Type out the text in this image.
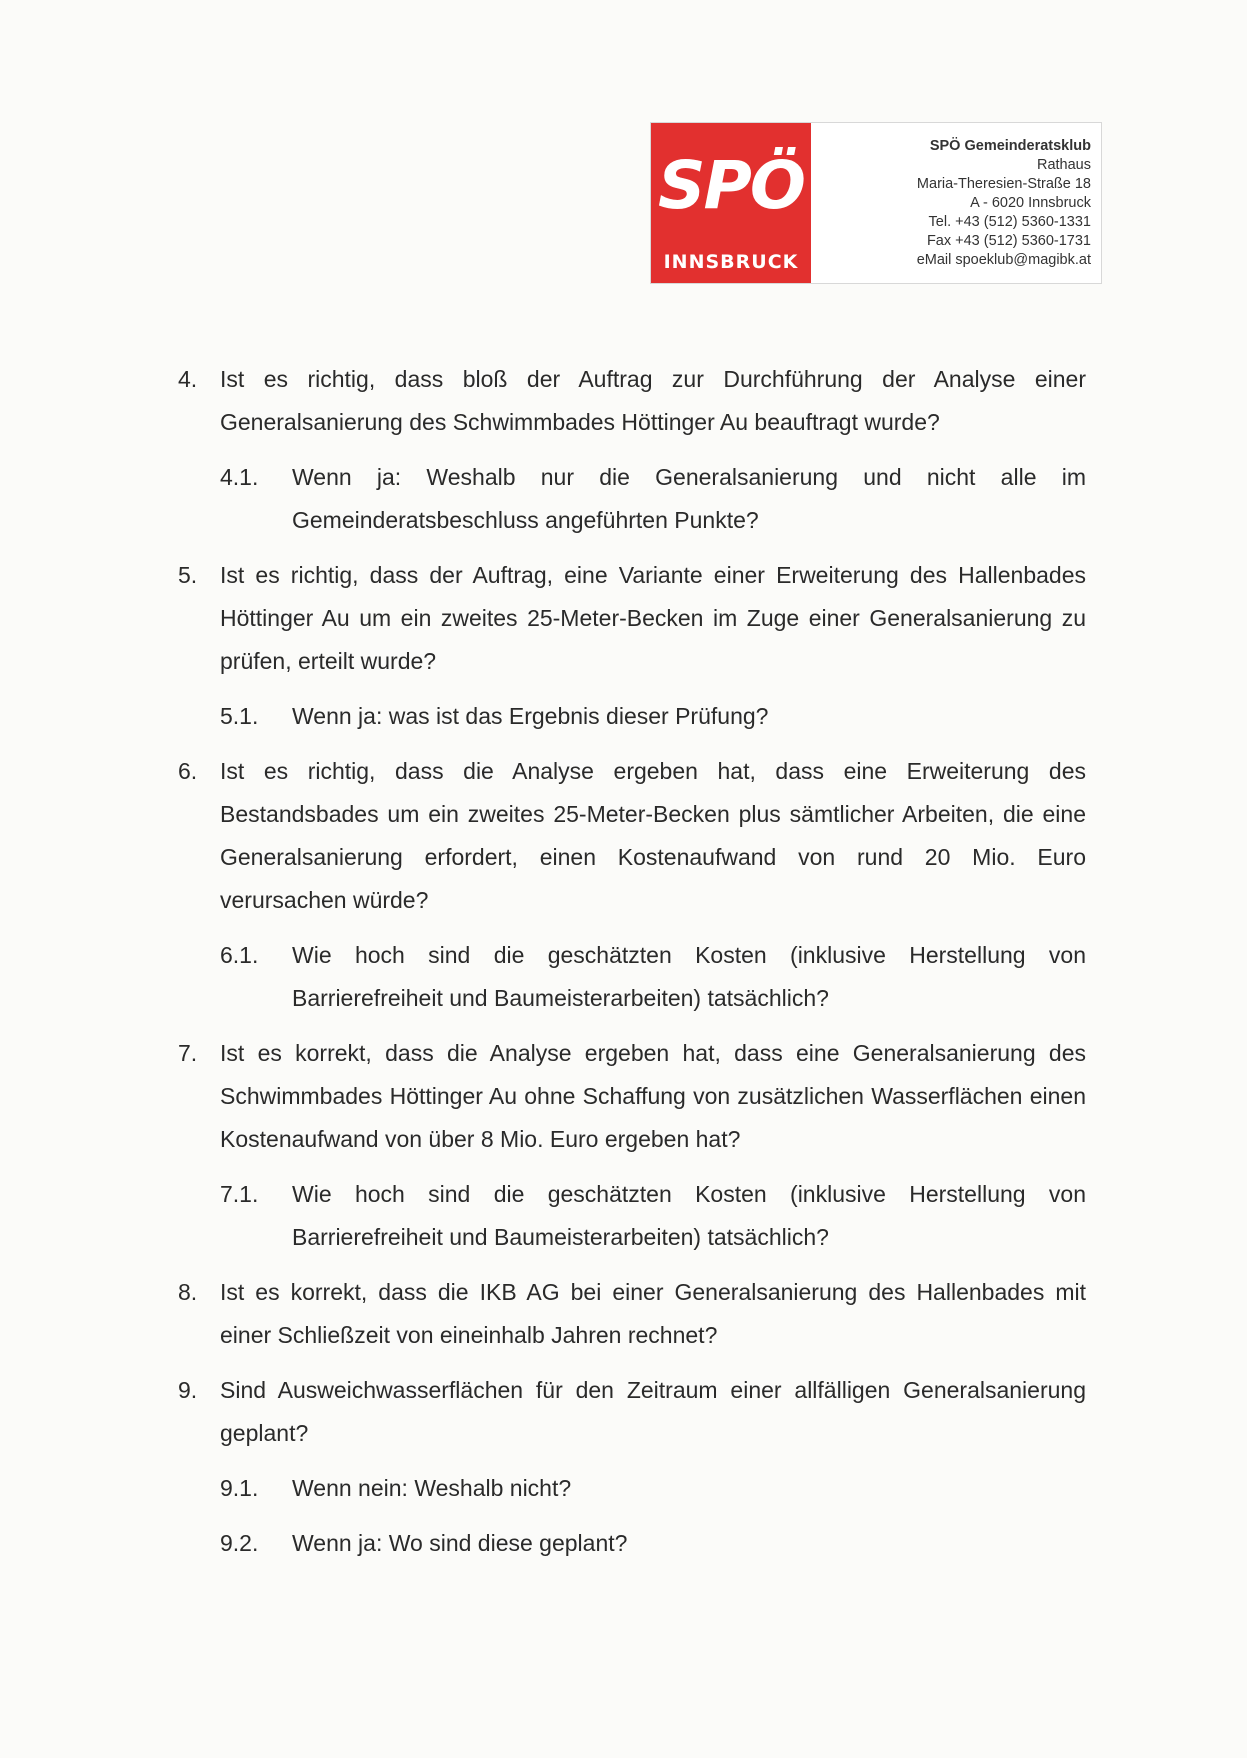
SPÖ
INNSBRUCK
SPÖ Gemeinderatsklub
Rathaus
Maria-Theresien-Straße 18
A - 6020 Innsbruck
Tel. +43 (512) 5360-1331
Fax +43 (512) 5360-1731
eMail spoeklub@magibk.at
4. Ist es richtig, dass bloß der Auftrag zur Durchführung der Analyse einer Generalsanierung des Schwimmbades Höttinger Au beauftragt wurde?
4.1.	Wenn ja: Weshalb nur die Generalsanierung und nicht alle im Gemeinderatsbeschluss angeführten Punkte?
5. Ist es richtig, dass der Auftrag, eine Variante einer Erweiterung des Hallenbades Höttinger Au um ein zweites 25-Meter-Becken im Zuge einer Generalsanierung zu prüfen, erteilt wurde?
5.1.	Wenn ja: was ist das Ergebnis dieser Prüfung?
6. Ist es richtig, dass die Analyse ergeben hat, dass eine Erweiterung des Bestandsbades um ein zweites 25-Meter-Becken plus sämtlicher Arbeiten, die eine Generalsanierung erfordert, einen Kostenaufwand von rund 20 Mio. Euro verursachen würde?
6.1.	Wie hoch sind die geschätzten Kosten (inklusive Herstellung von Barrierefreiheit und Baumeisterarbeiten) tatsächlich?
7. Ist es korrekt, dass die Analyse ergeben hat, dass eine Generalsanierung des Schwimmbades Höttinger Au ohne Schaffung von zusätzlichen Wasserflächen einen Kostenaufwand von über 8 Mio. Euro ergeben hat?
7.1.	Wie hoch sind die geschätzten Kosten (inklusive Herstellung von Barrierefreiheit und Baumeisterarbeiten) tatsächlich?
8. Ist es korrekt, dass die IKB AG bei einer Generalsanierung des Hallenbades mit einer Schließzeit von eineinhalb Jahren rechnet?
9. Sind Ausweichwasserflächen für den Zeitraum einer allfälligen Generalsanierung geplant?
9.1.	Wenn nein: Weshalb nicht?
9.2.	Wenn ja: Wo sind diese geplant?
